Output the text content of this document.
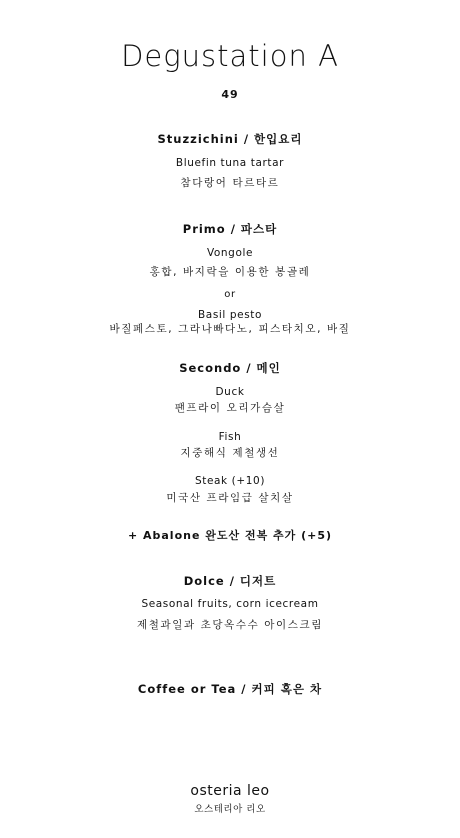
Degustation A
49
Stuzzichini / 한입요리
Bluefin tuna tartar
참다랑어 타르타르
Primo / 파스타
Vongole
홍합, 바지락을 이용한 봉골레
or
Basil pesto
바질페스토, 그라나빠다노, 피스타치오, 바질
Secondo / 메인
Duck
팬프라이 오리가슴살
Fish
지중해식 제철생선
Steak (+10)
미국산 프라임급 살치살
+ Abalone 완도산 전복 추가 (+5)
Dolce / 디저트
Seasonal fruits, corn icecream
제철과일과 초당옥수수 아이스크림
Coffee or Tea / 커피 혹은 차
osteria leo
오스테리아 리오
